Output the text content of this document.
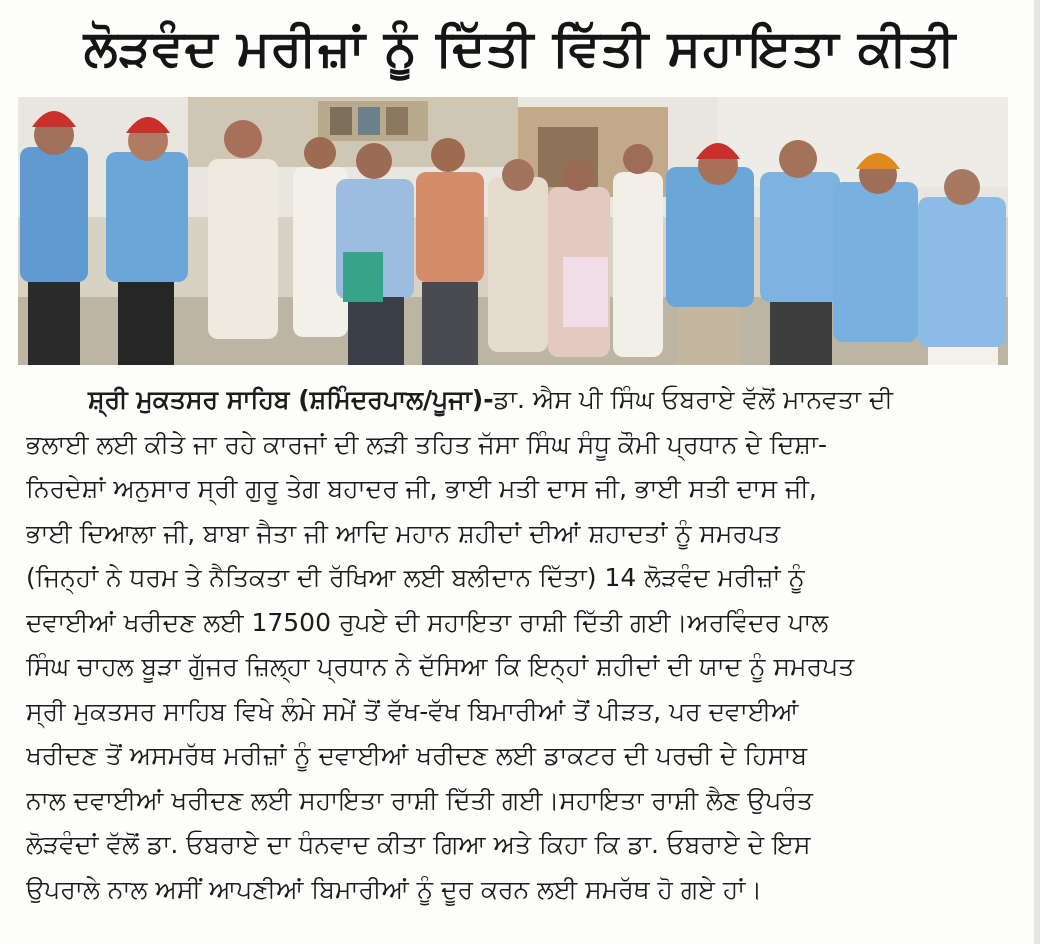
ਲੋੜਵੰਦ ਮਰੀਜ਼ਾਂ ਨੂੰ ਦਿੱਤੀ ਵਿੱਤੀ ਸਹਾਇਤਾ ਕੀਤੀ
ਸ਼੍ਰੀ ਮੁਕਤਸਰ ਸਾਹਿਬ (ਸ਼ਮਿੰਦਰਪਾਲ/ਪੂਜਾ)-ਡਾ. ਐਸ ਪੀ ਸਿੰਘ ਓਬਰਾਏ ਵੱਲੋਂ ਮਾਨਵਤਾ ਦੀ
ਭਲਾਈ ਲਈ ਕੀਤੇ ਜਾ ਰਹੇ ਕਾਰਜਾਂ ਦੀ ਲੜੀ ਤਹਿਤ ਜੱਸਾ ਸਿੰਘ ਸੰਧੂ ਕੌਮੀ ਪ੍ਰਧਾਨ ਦੇ ਦਿਸ਼ਾ-
ਨਿਰਦੇਸ਼ਾਂ ਅਨੁਸਾਰ ਸ੍ਰੀ ਗੁਰੂ ਤੇਗ ਬਹਾਦਰ ਜੀ, ਭਾਈ ਮਤੀ ਦਾਸ ਜੀ, ਭਾਈ ਸਤੀ ਦਾਸ ਜੀ,
ਭਾਈ ਦਿਆਲਾ ਜੀ, ਬਾਬਾ ਜੈਤਾ ਜੀ ਆਦਿ ਮਹਾਨ ਸ਼ਹੀਦਾਂ ਦੀਆਂ ਸ਼ਹਾਦਤਾਂ ਨੂੰ ਸਮਰਪਤ
(ਜਿਨ੍ਹਾਂ ਨੇ ਧਰਮ ਤੇ ਨੈਤਿਕਤਾ ਦੀ ਰੱਖਿਆ ਲਈ ਬਲੀਦਾਨ ਦਿੱਤਾ) 14 ਲੋੜਵੰਦ ਮਰੀਜ਼ਾਂ ਨੂੰ
ਦਵਾਈਆਂ ਖਰੀਦਣ ਲਈ 17500 ਰੁਪਏ ਦੀ ਸਹਾਇਤਾ ਰਾਸ਼ੀ ਦਿੱਤੀ ਗਈ।ਅਰਵਿੰਦਰ ਪਾਲ
ਸਿੰਘ ਚਾਹਲ ਬੂੜਾ ਗੁੱਜਰ ਜ਼ਿਲ੍ਹਾ ਪ੍ਰਧਾਨ ਨੇ ਦੱਸਿਆ ਕਿ ਇਨ੍ਹਾਂ ਸ਼ਹੀਦਾਂ ਦੀ ਯਾਦ ਨੂੰ ਸਮਰਪਤ
ਸ੍ਰੀ ਮੁਕਤਸਰ ਸਾਹਿਬ ਵਿਖੇ ਲੰਮੇ ਸਮੇਂ ਤੋਂ ਵੱਖ-ਵੱਖ ਬਿਮਾਰੀਆਂ ਤੋਂ ਪੀੜਤ, ਪਰ ਦਵਾਈਆਂ
ਖਰੀਦਣ ਤੋਂ ਅਸਮਰੱਥ ਮਰੀਜ਼ਾਂ ਨੂੰ ਦਵਾਈਆਂ ਖਰੀਦਣ ਲਈ ਡਾਕਟਰ ਦੀ ਪਰਚੀ ਦੇ ਹਿਸਾਬ
ਨਾਲ ਦਵਾਈਆਂ ਖਰੀਦਣ ਲਈ ਸਹਾਇਤਾ ਰਾਸ਼ੀ ਦਿੱਤੀ ਗਈ।ਸਹਾਇਤਾ ਰਾਸ਼ੀ ਲੈਣ ਉਪਰੰਤ
ਲੋੜਵੰਦਾਂ ਵੱਲੋਂ ਡਾ. ਓਬਰਾਏ ਦਾ ਧੰਨਵਾਦ ਕੀਤਾ ਗਿਆ ਅਤੇ ਕਿਹਾ ਕਿ ਡਾ. ਓਬਰਾਏ ਦੇ ਇਸ
ਉਪਰਾਲੇ ਨਾਲ ਅਸੀਂ ਆਪਣੀਆਂ ਬਿਮਾਰੀਆਂ ਨੂੰ ਦੂਰ ਕਰਨ ਲਈ ਸਮਰੱਥ ਹੋ ਗਏ ਹਾਂ।
